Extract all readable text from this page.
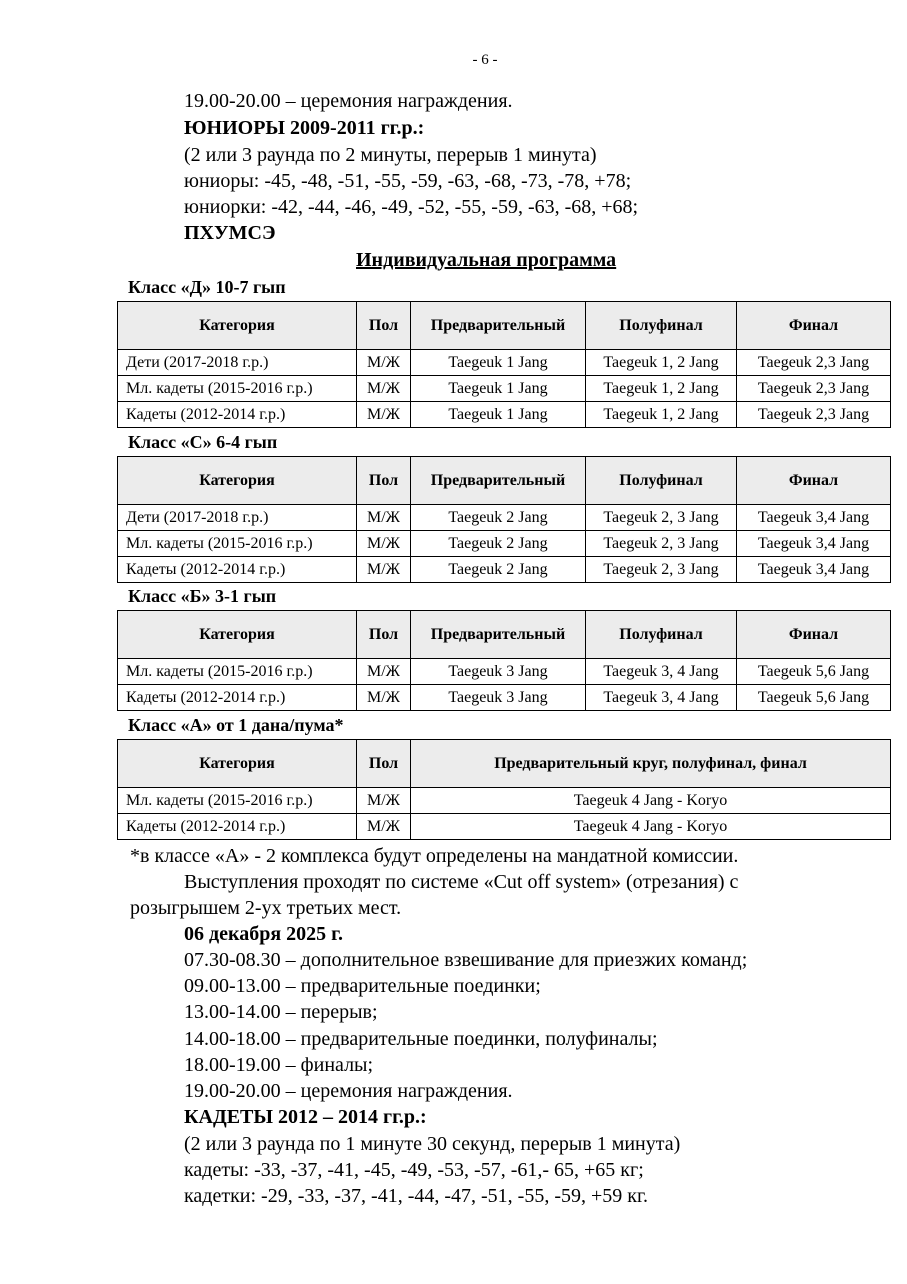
- 6 -
19.00-20.00 – церемония награждения.
ЮНИОРЫ 2009-2011 гг.р.:
(2 или 3 раунда по 2 минуты, перерыв 1 минута)
юниоры: -45, -48, -51, -55, -59, -63, -68, -73, -78, +78;
юниорки: -42, -44, -46, -49, -52, -55, -59, -63, -68, +68;
ПХУМСЭ
Индивидуальная программа
Класс «Д» 10-7 гып
Категория	Пол	Предварительный	Полуфинал	Финал
Дети (2017-2018 г.р.)	М/Ж	Taegeuk 1 Jang	Taegeuk 1, 2 Jang	Taegeuk 2,3 Jang
Мл. кадеты (2015-2016 г.р.)	М/Ж	Taegeuk 1 Jang	Taegeuk 1, 2 Jang	Taegeuk 2,3 Jang
Кадеты (2012-2014 г.р.)	М/Ж	Taegeuk 1 Jang	Taegeuk 1, 2 Jang	Taegeuk 2,3 Jang
Класс «С» 6-4 гып
Категория	Пол	Предварительный	Полуфинал	Финал
Дети (2017-2018 г.р.)	М/Ж	Taegeuk 2 Jang	Taegeuk 2, 3 Jang	Taegeuk 3,4 Jang
Мл. кадеты (2015-2016 г.р.)	М/Ж	Taegeuk 2 Jang	Taegeuk 2, 3 Jang	Taegeuk 3,4 Jang
Кадеты (2012-2014 г.р.)	М/Ж	Taegeuk 2 Jang	Taegeuk 2, 3 Jang	Taegeuk 3,4 Jang
Класс «Б» 3-1 гып
Категория	Пол	Предварительный	Полуфинал	Финал
Мл. кадеты (2015-2016 г.р.)	М/Ж	Taegeuk 3 Jang	Taegeuk 3, 4 Jang	Taegeuk 5,6 Jang
Кадеты (2012-2014 г.р.)	М/Ж	Taegeuk 3 Jang	Taegeuk 3, 4 Jang	Taegeuk 5,6 Jang
Класс «А» от 1 дана/пума*
Категория	Пол	Предварительный круг, полуфинал, финал
Мл. кадеты (2015-2016 г.р.)	М/Ж	Taegeuk 4 Jang - Koryo
Кадеты (2012-2014 г.р.)	М/Ж	Taegeuk 4 Jang - Koryo
*в классе «А» - 2 комплекса будут определены на мандатной комиссии.
Выступления проходят по системе «Cut off system» (отрезания) с
розыгрышем 2-ух третьих мест.
06 декабря 2025 г.
07.30-08.30 – дополнительное взвешивание для приезжих команд;
09.00-13.00 – предварительные поединки;
13.00-14.00 – перерыв;
14.00-18.00 – предварительные поединки, полуфиналы;
18.00-19.00 – финалы;
19.00-20.00 – церемония награждения.
КАДЕТЫ 2012 – 2014 гг.р.:
(2 или 3 раунда по 1 минуте 30 секунд, перерыв 1 минута)
кадеты: -33, -37, -41, -45, -49, -53, -57, -61,- 65, +65 кг;
кадетки: -29, -33, -37, -41, -44, -47, -51, -55, -59, +59 кг.
